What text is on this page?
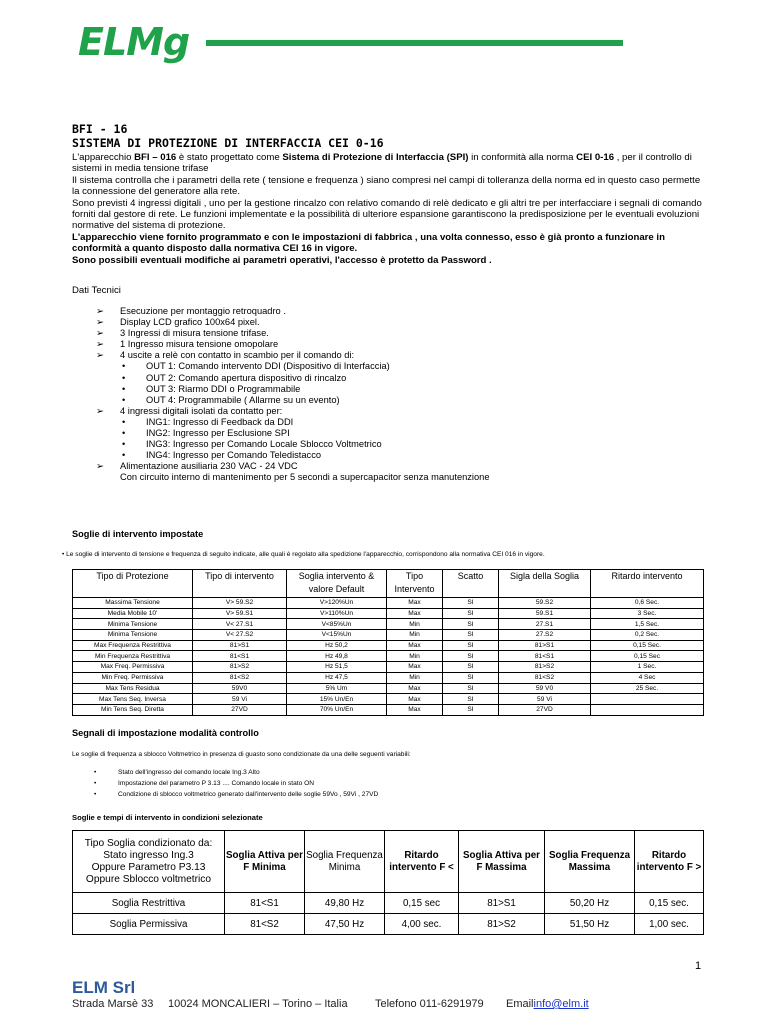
ELMg
BFI - 16
SISTEMA DI PROTEZIONE DI INTERFACCIA CEI 0-16

L'apparecchio BFI – 016 è stato progettato come Sistema di Protezione di Interfaccia (SPI) in conformità alla norma CEI 0-16 , per il controllo di sistemi in media tensione trifase

Il sistema controlla che i parametri della rete ( tensione e frequenza ) siano compresi nel campi di tolleranza della norma ed in questo caso permette la connessione del generatore alla rete.

Sono previsti 4 ingressi digitali , uno per la gestione rincalzo con relativo comando di relè dedicato e gli altri tre per interfacciare i segnali di comando forniti dal gestore di rete. Le funzioni implementate e la possibilità di ulteriore espansione garantiscono la predisposizione per le eventuali evoluzioni normative del sistema di protezione.

L'apparecchio viene fornito programmato e con le impostazioni di fabbrica , una volta connesso, esso è già pronto a funzionare in conformità a quanto disposto dalla normativa CEI 16 in vigore.

Sono possibili eventuali modifiche ai parametri operativi, l'accesso è protetto da Password .

Dati Tecnici
➢ Esecuzione per montaggio retroquadro .
➢ Display LCD grafico 100x64 pixel.
➢ 3 Ingressi di misura tensione trifase.
➢ 1 Ingresso misura tensione omopolare
➢ 4 uscite a relè con contatto in scambio per il comando di:
• OUT 1: Comando intervento DDI (Dispositivo di Interfaccia)
• OUT 2: Comando apertura dispositivo di rincalzo
• OUT 3: Riarmo DDI o Programmabile
• OUT 4: Programmabile ( Allarme su un evento)
➢ 4 ingressi digitali isolati da contatto per:
• ING1: Ingresso di Feedback da DDI
• ING2: Ingresso per Esclusione SPI
• ING3: Ingresso per Comando Locale Sblocco Voltmetrico
• ING4: Ingresso per Comando Teledistacco
➢ Alimentazione ausiliaria 230 VAC - 24 VDC
Con circuito interno di mantenimento per 5 secondi a supercapacitor senza manutenzione
Soglie di intervento impostate
• Le soglie di intervento di tensione e frequenza di seguito indicate, alle quali è regolato alla spedizione l'apparecchio, corrispondono alla normativa CEI 016 in vigore.
Tipo di Protezione	Tipo di intervento	Soglia intervento & valore Default	Tipo Intervento	Scatto	Sigla della Soglia	Ritardo intervento
Massima Tensione	V> 59.S2	V>120%Un	Max	SI	59.S2	0,6 Sec.
Media Mobile 10'	V> 59.S1	V>110%Un	Max	SI	59.S1	3 Sec.
Minima Tensione	V< 27.S1	V<85%Un	Min	SI	27.S1	1,5 Sec.
Minima Tensione	V< 27.S2	V<15%Un	Min	SI	27.S2	0,2 Sec.
Max Frequenza Restrittiva	81>S1	Hz 50,2	Max	SI	81>S1	0,15 Sec.
Min Frequenza Restrittiva	81<S1	Hz 49,8	Min	SI	81<S1	0,15 Sec
Max Freq. Permissiva	81>S2	Hz 51,5	Max	SI	81>S2	1 Sec.
Min Freq. Permissiva	81<S2	Hz 47,5	Min	SI	81<S2	4 Sec
Max Tens Residua	59V0	5% Um	Max	SI	59 V0	25 Sec.
Max Tens Seq. Inversa	59 Vi	15% Un/En	Max	SI	59 Vi	
Min Tens Seq. Diretta	27VD	70% Un/En	Max	SI	27VD	
Segnali di impostazione modalità controllo
Le soglie di frequenza a sblocco Voltmetrico in presenza di guasto sono condizionate da una delle seguenti variabili:
•	Stato dell'ingresso del comando locale Ing.3 Alto
•	Impostazione del parametro P 3.13 .... Comando locale in stato ON
•	Condizione di sblocco voltmetrico generato dall'intervento delle soglie 59Vo , 59Vi , 27VD
Soglie e tempi di intervento in condizioni selezionate
Tipo Soglia condizionato da:
Stato ingresso Ing.3
Oppure Parametro P3.13
Oppure Sblocco voltmetrico	Soglia Attiva per F Minima	Soglia Frequenza Minima	Ritardo intervento F <	Soglia Attiva per F Massima	Soglia Frequenza Massima	Ritardo intervento F >
Soglia Restrittiva	81<S1	49,80 Hz	0,15 sec	81>S1	50,20 Hz	0,15 sec.
Soglia Permissiva	81<S2	47,50 Hz	4,00 sec.	81>S2	51,50 Hz	1,00 sec.
1
ELM Srl
Strada Marsè 33 10024 MONCALIERI – Torino – Italia Telefono 011-6291979 Emailinfo@elm.it
